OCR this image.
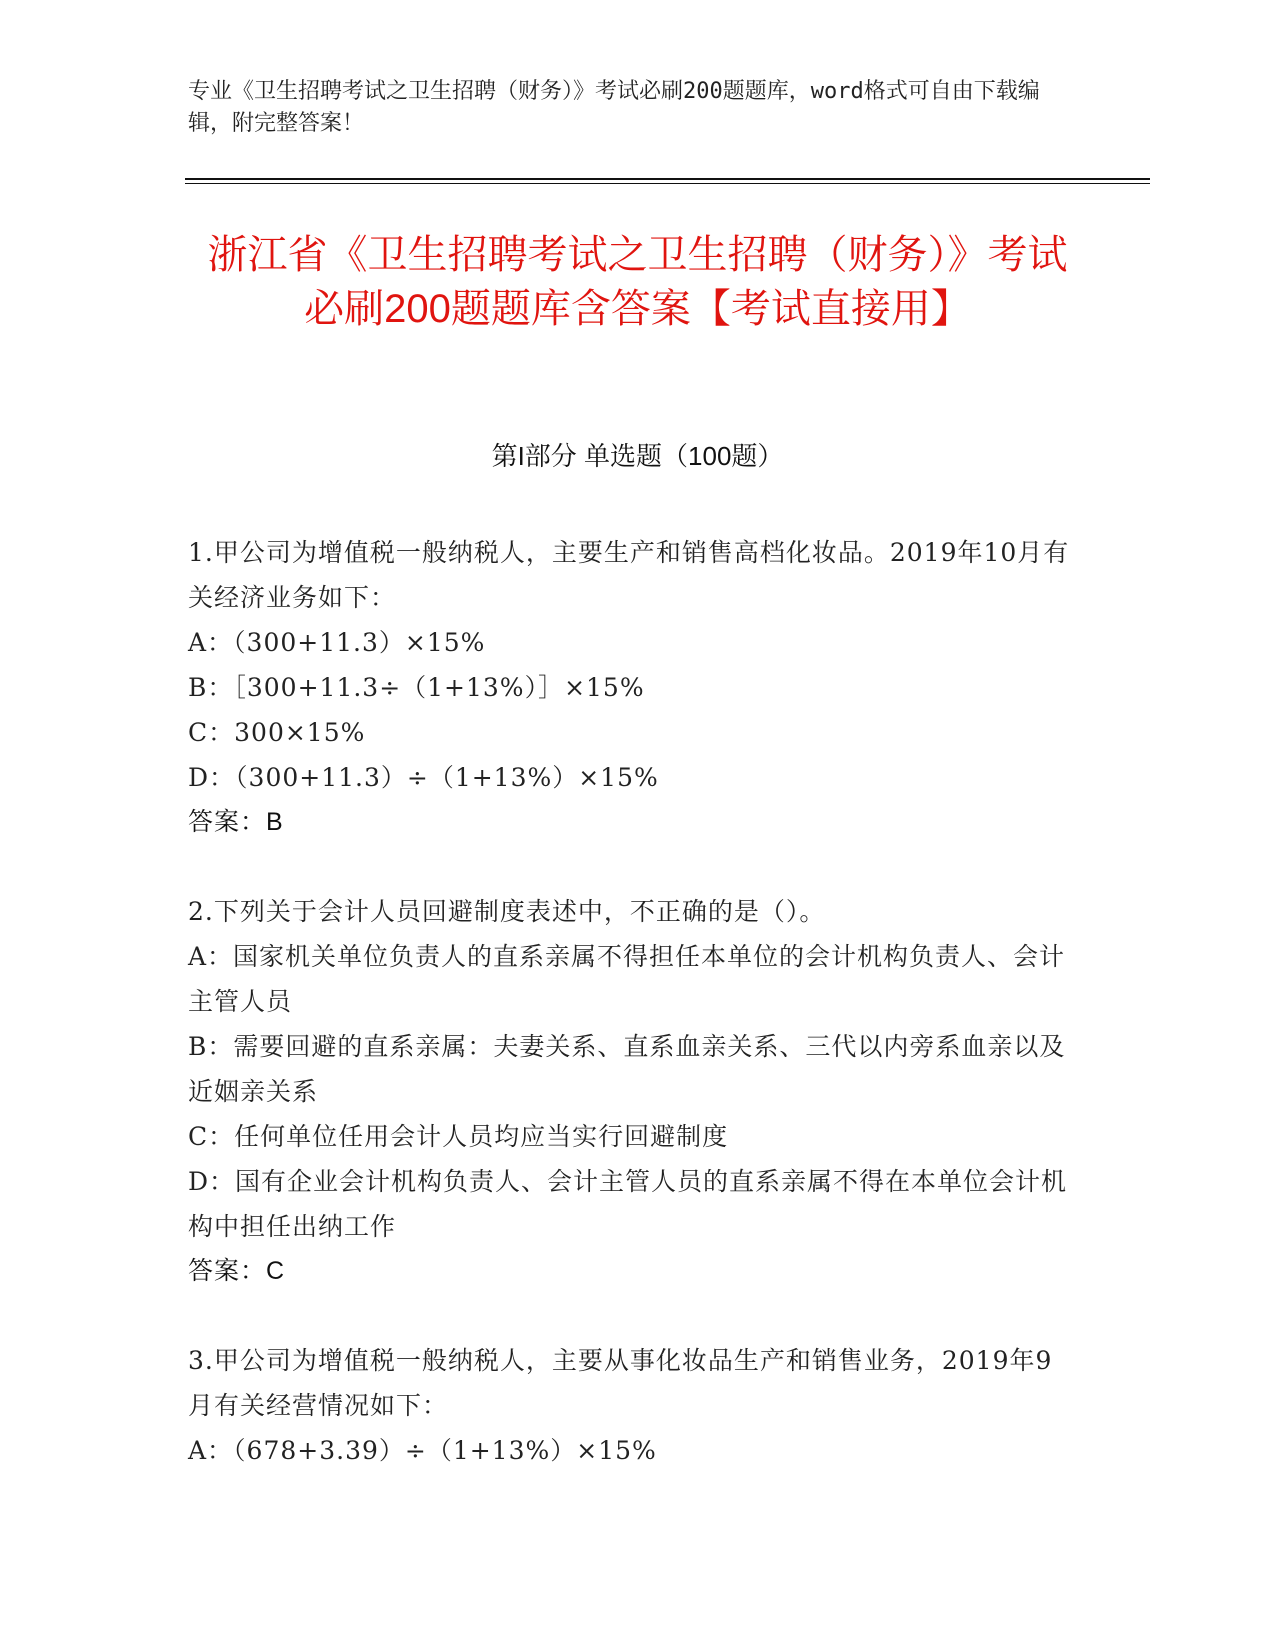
专业《卫生招聘考试之卫生招聘（财务）》考试必刷200题题库，word格式可自由下载编辑，附完整答案！
浙江省《卫生招聘考试之卫生招聘（财务）》考试必刷200题题库含答案【考试直接用】
第I部分 单选题（100题）

1.甲公司为增值税一般纳税人，主要生产和销售高档化妆品。2019年10月有关经济业务如下：

A：（300+11.3）×15%

B：［300+11.3÷（1+13%）］×15%

C：300×15%

D：（300+11.3）÷（1+13%）×15%

答案：B

2.下列关于会计人员回避制度表述中，不正确的是（）。

A：国家机关单位负责人的直系亲属不得担任本单位的会计机构负责人、会计主管人员

B：需要回避的直系亲属：夫妻关系、直系血亲关系、三代以内旁系血亲以及近姻亲关系

C：任何单位任用会计人员均应当实行回避制度

D：国有企业会计机构负责人、会计主管人员的直系亲属不得在本单位会计机构中担任出纳工作

答案：C

3.甲公司为增值税一般纳税人，主要从事化妆品生产和销售业务，2019年9月有关经营情况如下：

A：（678+3.39）÷（1+13%）×15%
